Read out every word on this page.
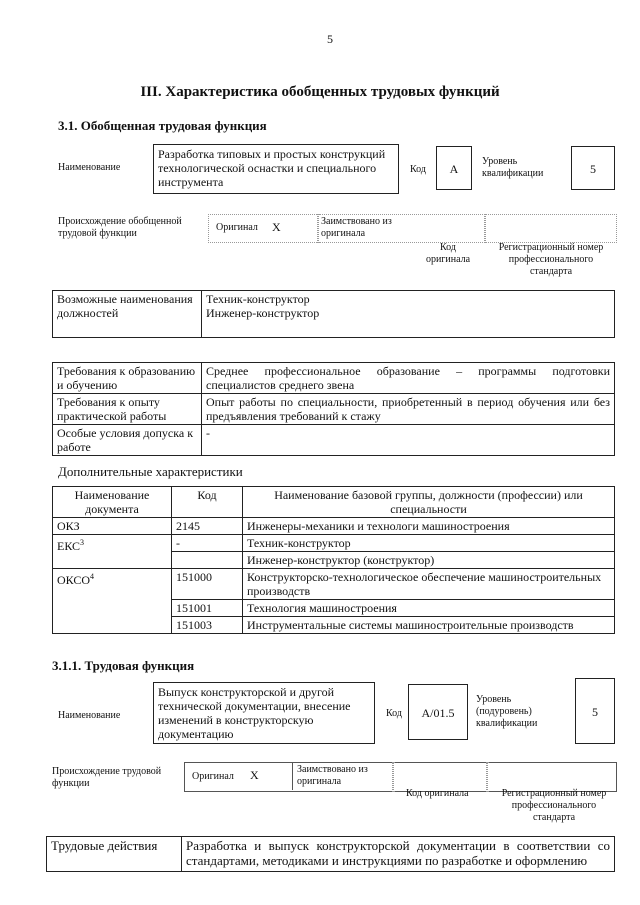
5
III. Характеристика обобщенных трудовых функций
3.1. Обобщенная трудовая функция
Наименование
Разработка типовых и простых конструкций технологической оснастки и специального инструмента
Код	A
Уровень квалификации	5
Происхождение обобщенной трудовой функции
Оригинал X	Заимствовано из оригинала
Код оригинала
Регистрационный номер профессионального стандарта
Возможные наименования должностей	
Техник-конструктор
Инженер-конструктор
Требования к образованию и обучению	Среднее профессиональное образование – программы подготовки специалистов среднего звена
Требования к опыту практической работы	Опыт работы по специальности, приобретенный в период обучения или без предъявления требований к стажу
Особые условия допуска к работе	-
Дополнительные характеристики
Наименование документа	Код	Наименование базовой группы, должности (профессии) или специальности
ОКЗ	2145	Инженеры-механики и технологи машиностроения
ЕКС$^3$	-	Техник-конструктор
		Инженер-конструктор (конструктор)
ОКСО$^4$	151000	Конструкторско-технологическое обеспечение машиностроительных производств
	151001	Технология машиностроения
	151003	Инструментальные системы машиностроительные производств
3.1.1. Трудовая функция
Наименование
Выпуск конструкторской и другой технической документации, внесение изменений в конструкторскую документацию
Код	A/01.5
Уровень (подуровень) квалификации
5
Происхождение трудовой функции
Оригинал X	Заимствовано из оригинала
Код оригинала	Регистрационный номер профессионального стандарта
Трудовые действия	Разработка и выпуск конструкторской документации в соответствии со стандартами, методиками и инструкциями по разработке и оформлению
